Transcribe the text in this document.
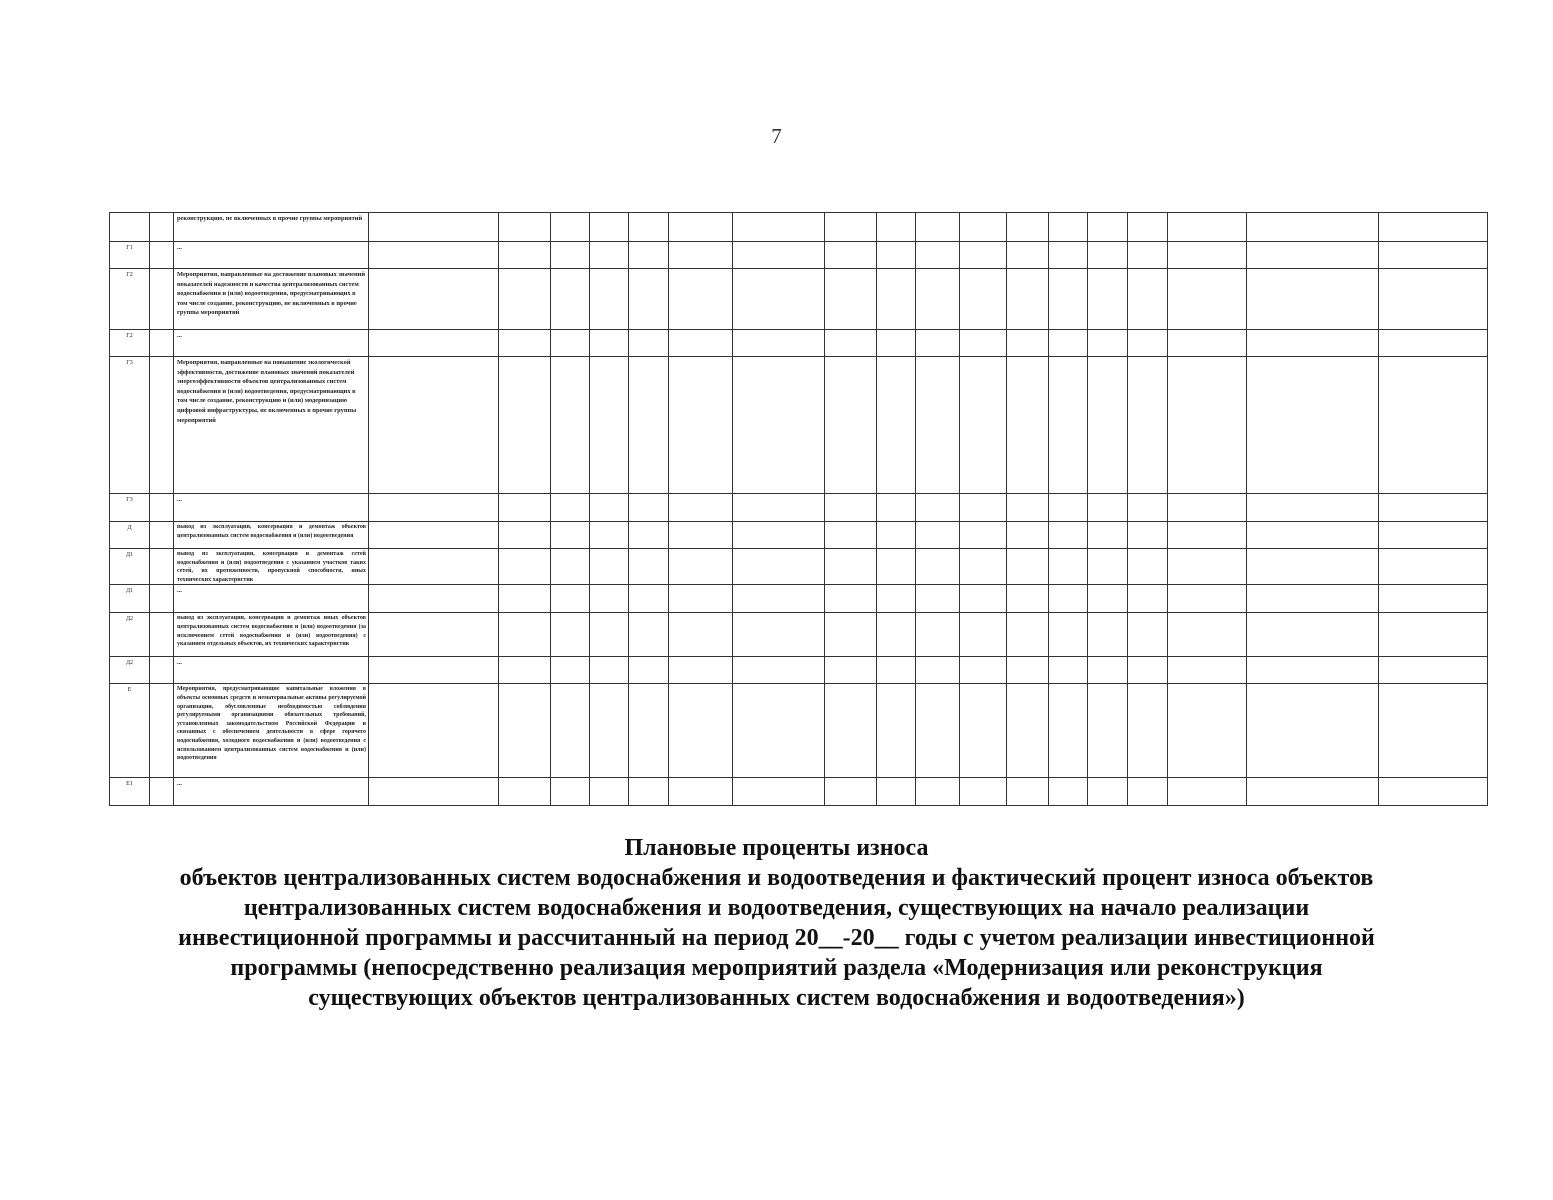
7
		реконструкцию, не включенных в прочие группы мероприятий																		
Г1		...																		
Г2		Мероприятия, направленные на достижение плановых значений показателей надежности и качества централизованных систем водоснабжения и (или) водоотведения, предусматривающих в том числе создание, реконструкцию, не включенных в прочие группы мероприятий																		
Г2		...																		
Г3		Мероприятия, направленные на повышение экологической эффективности, достижение плановых значений показателей энергоэффективности объектов централизованных систем водоснабжения и (или) водоотведения, предусматривающих в том числе создание, реконструкцию и (или) модернизацию цифровой инфраструктуры, не включенных в прочие группы мероприятий																		
Г3		...																		
Д		вывод из эксплуатации, консервация и демонтаж объектов централизованных систем водоснабжения и (или) водоотведения																		
Д1		вывод из эксплуатации, консервация и демонтаж сетей водоснабжения и (или) водоотведения с указанием участков таких сетей, их протяженности, пропускной способности, иных технических характеристик																		
Д1		...																		
Д2		вывод из эксплуатации, консервация и демонтаж иных объектов централизованных систем водоснабжения и (или) водоотведения (за исключением сетей водоснабжения и (или) водоотведения) с указанием отдельных объектов, их технических характеристик																		
Д2		...																		
Е		Мероприятия, предусматривающие капитальные вложения в объекты основных средств и нематериальные активы регулируемой организации, обусловленные необходимостью соблюдения регулируемыми организациями обязательных требований, установленных законодательством Российской Федерации и связанных с обеспечением деятельности в сфере горячего водоснабжения, холодного водоснабжения и (или) водоотведения с использованием централизованных систем водоснабжения и (или) водоотведения																		
Е1		...																		
Плановые проценты износа
объектов централизованных систем водоснабжения и водоотведения и фактический процент износа объектов
централизованных систем водоснабжения и водоотведения, существующих на начало реализации
инвестиционной программы и рассчитанный на период 20__-20__ годы с учетом реализации инвестиционной
программы (непосредственно реализация мероприятий раздела «Модернизация или реконструкция
существующих объектов централизованных систем водоснабжения и водоотведения»)
